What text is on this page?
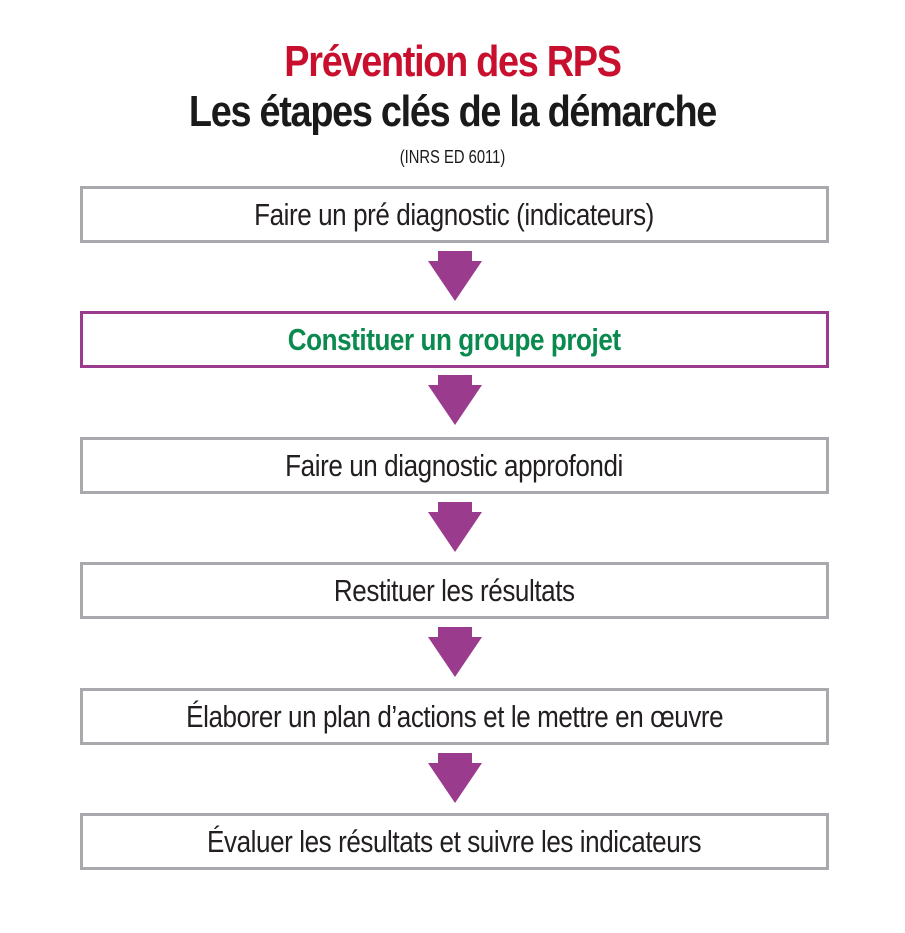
Prévention des RPS
Les étapes clés de la démarche
(INRS ED 6011)
Faire un pré diagnostic (indicateurs)
Constituer un groupe projet
Faire un diagnostic approfondi
Restituer les résultats
Élaborer un plan d’actions et le mettre en œuvre
Évaluer les résultats et suivre les indicateurs
